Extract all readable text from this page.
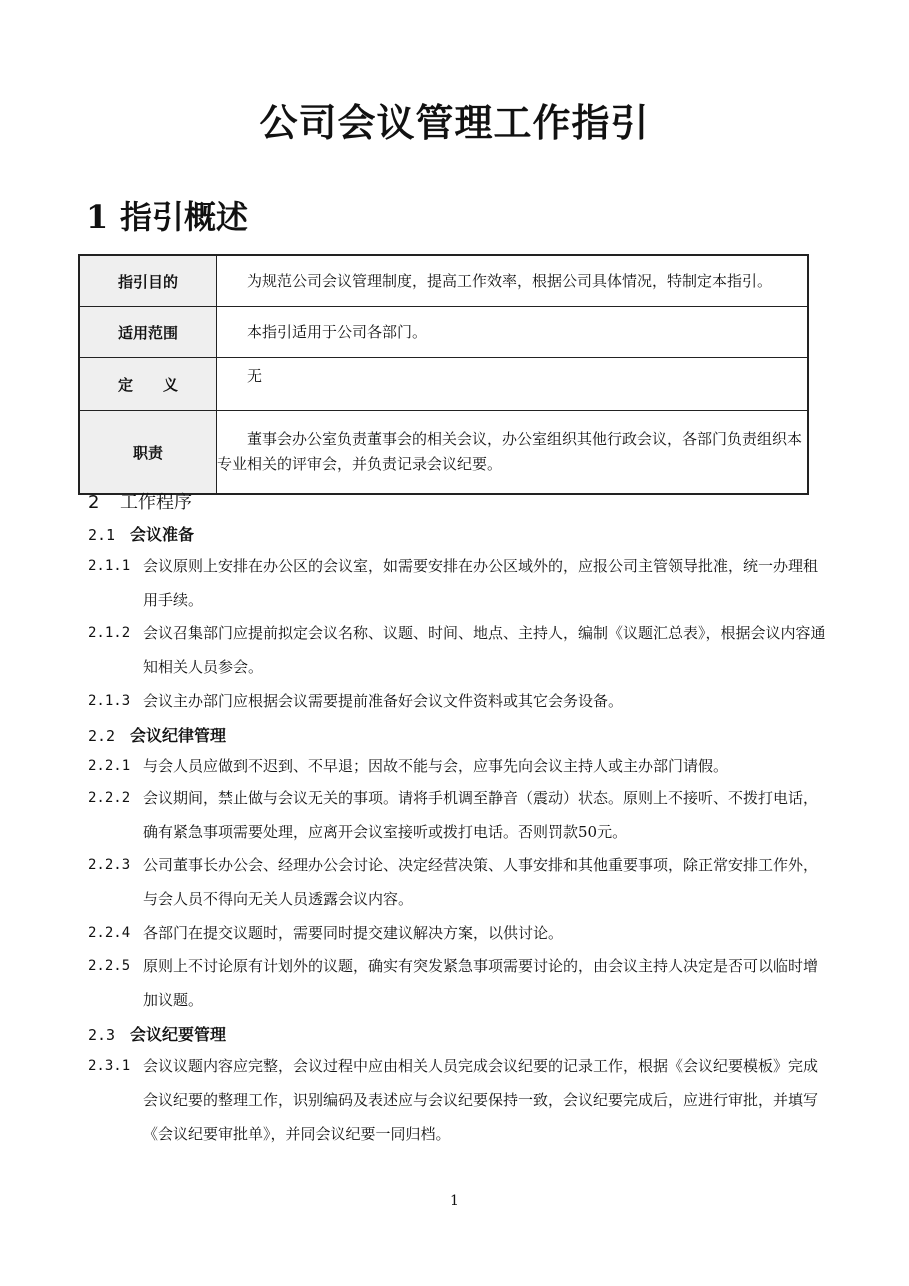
公司会议管理工作指引
1 指引概述
指引目的	为规范公司会议管理制度，提高工作效率，根据公司具体情况，特制定本指引。

适用范围	本指引适用于公司各部门。

定　　义	无

职责	董事会办公室负责董事会的相关会议，办公室组织其他行政会议，各部门负责组织本专业相关的评审会，并负责记录会议纪要。
2 工作程序
2.1 会议准备
2.1.1 会议原则上安排在办公区的会议室，如需要安排在办公区域外的，应报公司主管领导批准，统一办理租用手续。
2.1.2 会议召集部门应提前拟定会议名称、议题、时间、地点、主持人，编制《议题汇总表》，根据会议内容通知相关人员参会。
2.1.3 会议主办部门应根据会议需要提前准备好会议文件资料或其它会务设备。
2.2 会议纪律管理
2.2.1 与会人员应做到不迟到、不早退；因故不能与会，应事先向会议主持人或主办部门请假。
2.2.2 会议期间，禁止做与会议无关的事项。请将手机调至静音（震动）状态。原则上不接听、不拨打电话，确有紧急事项需要处理，应离开会议室接听或拨打电话。否则罚款50元。
2.2.3 公司董事长办公会、经理办公会讨论、决定经营决策、人事安排和其他重要事项，除正常安排工作外，与会人员不得向无关人员透露会议内容。
2.2.4 各部门在提交议题时，需要同时提交建议解决方案，以供讨论。
2.2.5 原则上不讨论原有计划外的议题，确实有突发紧急事项需要讨论的，由会议主持人决定是否可以临时增加议题。
2.3 会议纪要管理
2.3.1 会议议题内容应完整，会议过程中应由相关人员完成会议纪要的记录工作，根据《会议纪要模板》完成会议纪要的整理工作，识别编码及表述应与会议纪要保持一致，会议纪要完成后，应进行审批，并填写《会议纪要审批单》，并同会议纪要一同归档。
1
